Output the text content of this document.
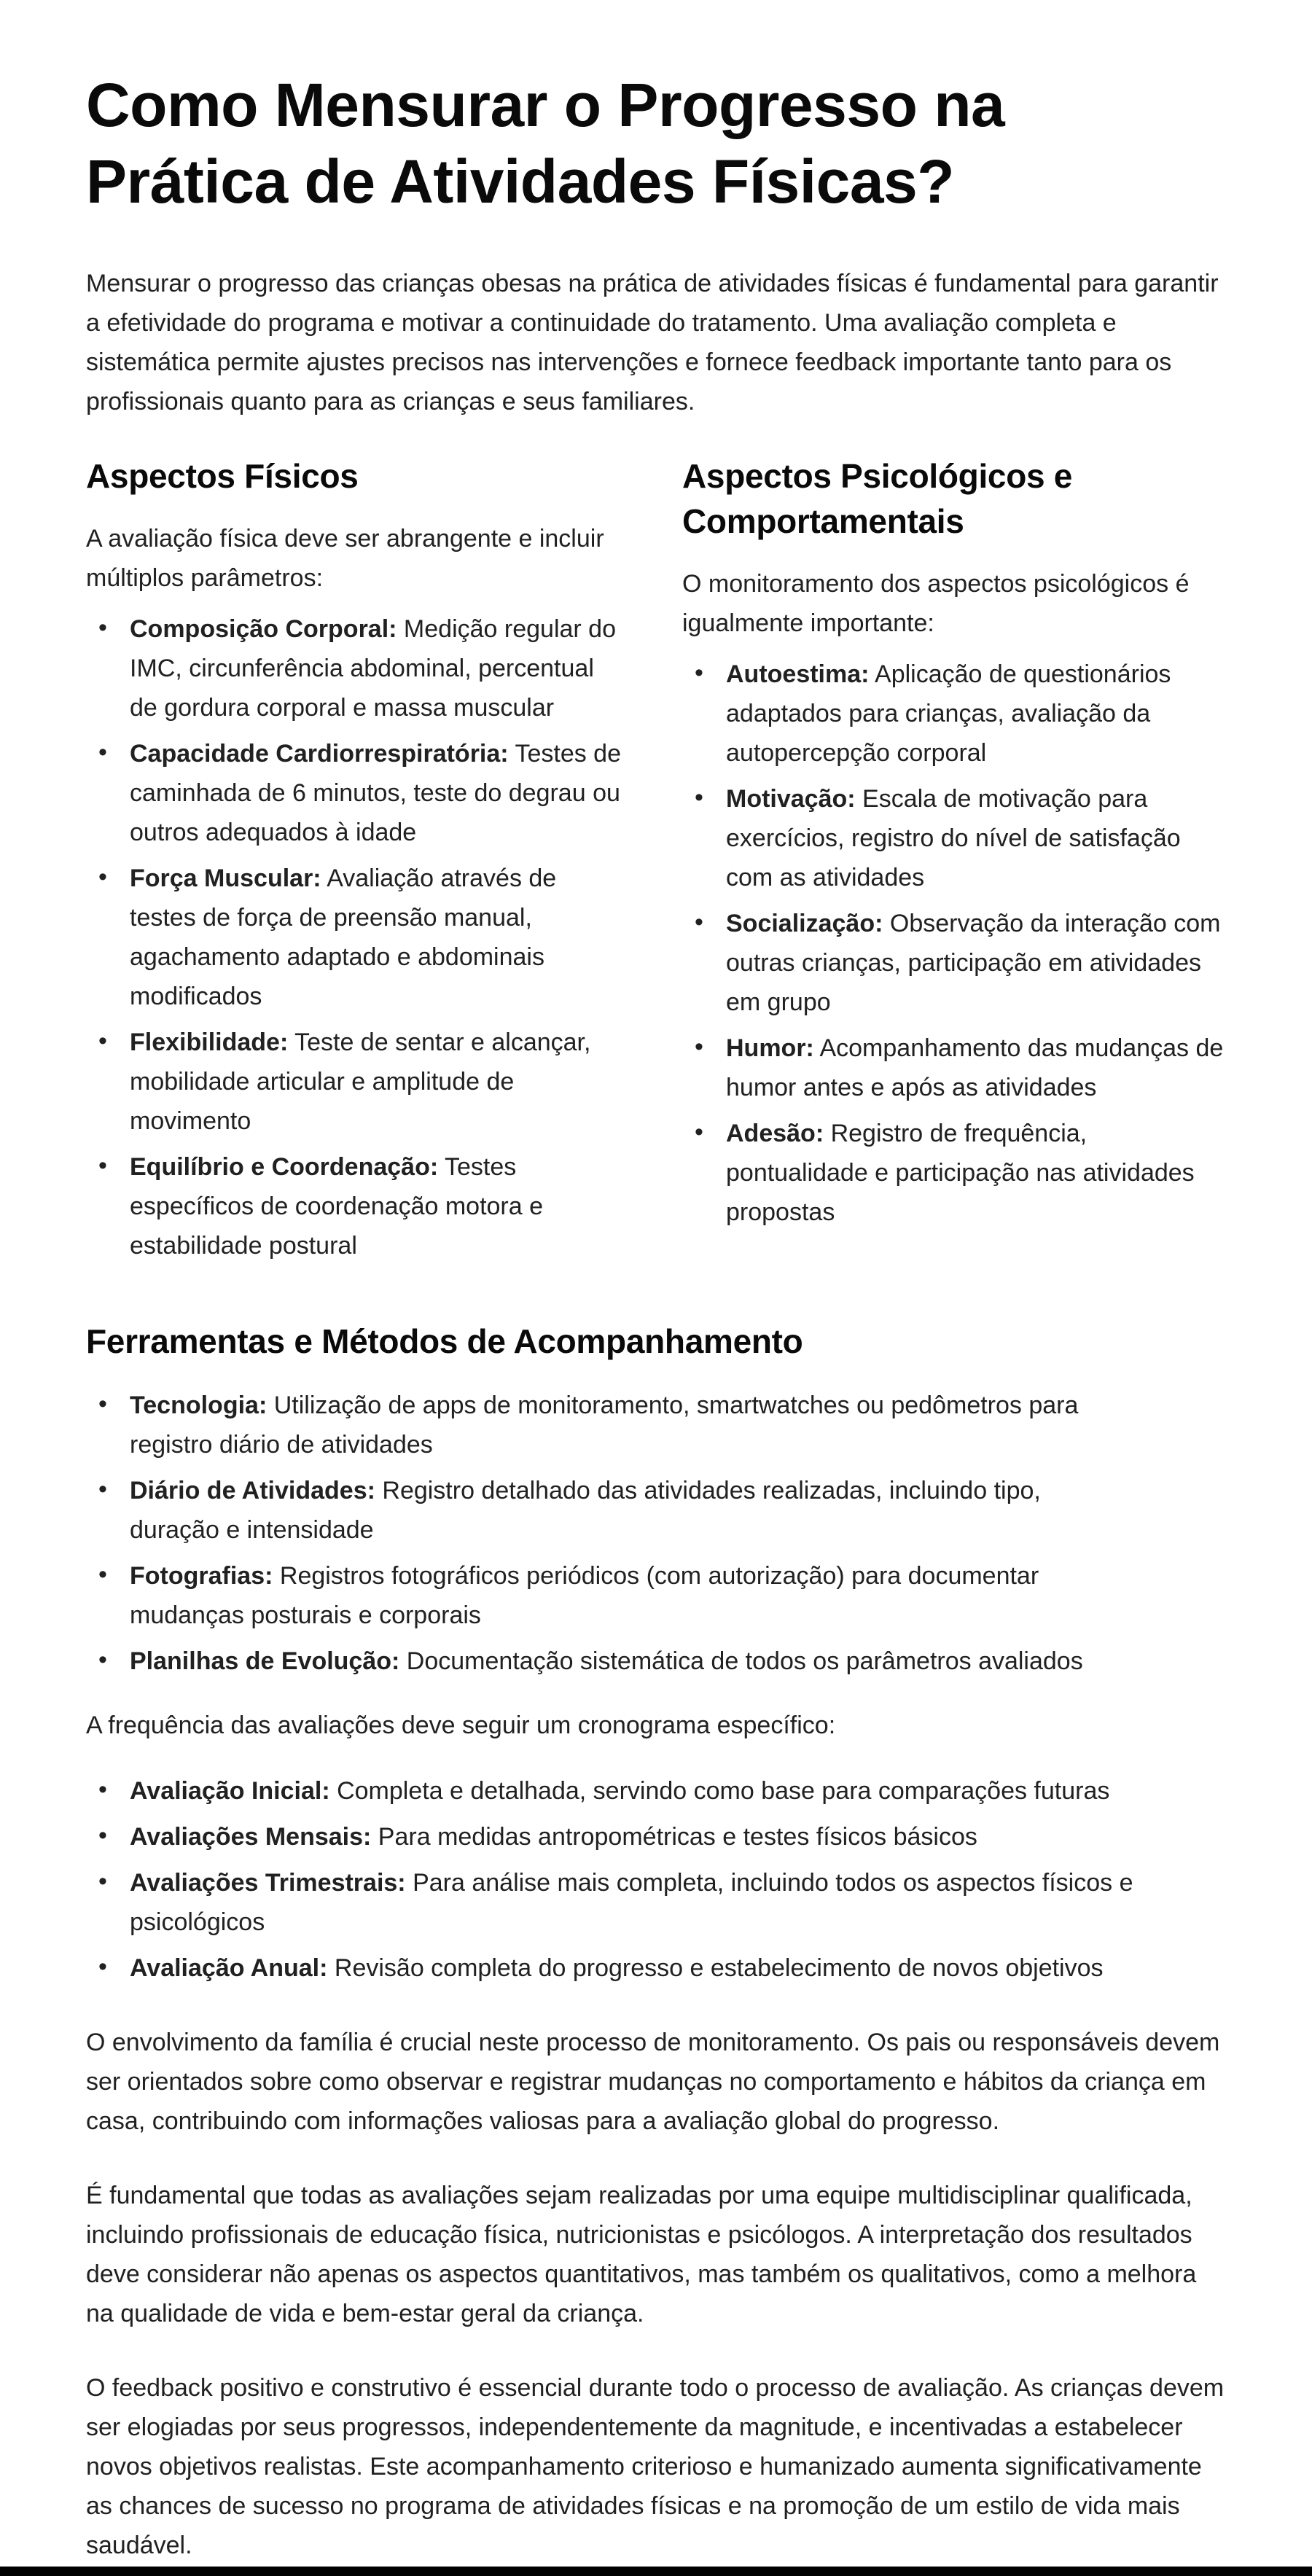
Como Mensurar o Progresso na Prática de Atividades Físicas?

Mensurar o progresso das crianças obesas na prática de atividades físicas é fundamental para garantir a efetividade do programa e motivar a continuidade do tratamento. Uma avaliação completa e sistemática permite ajustes precisos nas intervenções e fornece feedback importante tanto para os profissionais quanto para as crianças e seus familiares.

Aspectos Físicos

A avaliação física deve ser abrangente e incluir múltiplos parâmetros:

• Composição Corporal: Medição regular do IMC, circunferência abdominal, percentual de gordura corporal e massa muscular
• Capacidade Cardiorrespiratória: Testes de caminhada de 6 minutos, teste do degrau ou outros adequados à idade
• Força Muscular: Avaliação através de testes de força de preensão manual, agachamento adaptado e abdominais modificados
• Flexibilidade: Teste de sentar e alcançar, mobilidade articular e amplitude de movimento
• Equilíbrio e Coordenação: Testes específicos de coordenação motora e estabilidade postural
Aspectos Psicológicos e Comportamentais

O monitoramento dos aspectos psicológicos é igualmente importante:

• Autoestima: Aplicação de questionários adaptados para crianças, avaliação da autopercepção corporal
• Motivação: Escala de motivação para exercícios, registro do nível de satisfação com as atividades
• Socialização: Observação da interação com outras crianças, participação em atividades em grupo
• Humor: Acompanhamento das mudanças de humor antes e após as atividades
• Adesão: Registro de frequência, pontualidade e participação nas atividades propostas
Ferramentas e Métodos de Acompanhamento
• Tecnologia: Utilização de apps de monitoramento, smartwatches ou pedômetros para registro diário de atividades
• Diário de Atividades: Registro detalhado das atividades realizadas, incluindo tipo, duração e intensidade
• Fotografias: Registros fotográficos periódicos (com autorização) para documentar mudanças posturais e corporais
• Planilhas de Evolução: Documentação sistemática de todos os parâmetros avaliados

A frequência das avaliações deve seguir um cronograma específico:

• Avaliação Inicial: Completa e detalhada, servindo como base para comparações futuras
• Avaliações Mensais: Para medidas antropométricas e testes físicos básicos
• Avaliações Trimestrais: Para análise mais completa, incluindo todos os aspectos físicos e psicológicos
• Avaliação Anual: Revisão completa do progresso e estabelecimento de novos objetivos

O envolvimento da família é crucial neste processo de monitoramento. Os pais ou responsáveis devem ser orientados sobre como observar e registrar mudanças no comportamento e hábitos da criança em casa, contribuindo com informações valiosas para a avaliação global do progresso.

É fundamental que todas as avaliações sejam realizadas por uma equipe multidisciplinar qualificada, incluindo profissionais de educação física, nutricionistas e psicólogos. A interpretação dos resultados deve considerar não apenas os aspectos quantitativos, mas também os qualitativos, como a melhora na qualidade de vida e bem-estar geral da criança.

O feedback positivo e construtivo é essencial durante todo o processo de avaliação. As crianças devem ser elogiadas por seus progressos, independentemente da magnitude, e incentivadas a estabelecer novos objetivos realistas. Este acompanhamento criterioso e humanizado aumenta significativamente as chances de sucesso no programa de atividades físicas e na promoção de um estilo de vida mais saudável.
